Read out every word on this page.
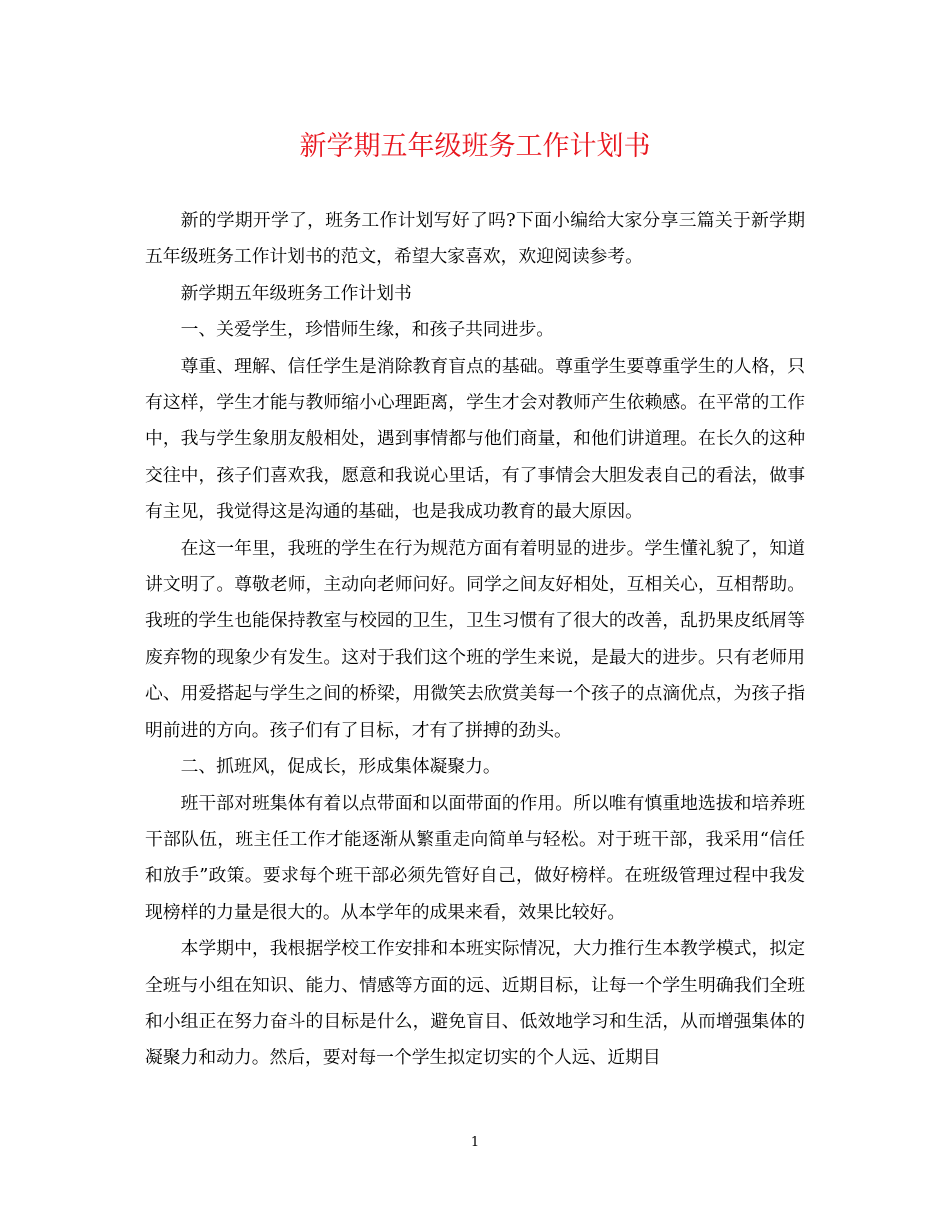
新学期五年级班务工作计划书

新的学期开学了，班务工作计划写好了吗?下面小编给大家分享三篇关于新学期五年级班务工作计划书的范文，希望大家喜欢，欢迎阅读参考。

新学期五年级班务工作计划书

一、关爱学生，珍惜师生缘，和孩子共同进步。

尊重、理解、信任学生是消除教育盲点的基础。尊重学生要尊重学生的人格，只有这样，学生才能与教师缩小心理距离，学生才会对教师产生依赖感。在平常的工作中，我与学生象朋友般相处，遇到事情都与他们商量，和他们讲道理。在长久的这种交往中，孩子们喜欢我，愿意和我说心里话，有了事情会大胆发表自己的看法，做事有主见，我觉得这是沟通的基础，也是我成功教育的最大原因。

在这一年里，我班的学生在行为规范方面有着明显的进步。学生懂礼貌了，知道讲文明了。尊敬老师，主动向老师问好。同学之间友好相处，互相关心，互相帮助。我班的学生也能保持教室与校园的卫生，卫生习惯有了很大的改善，乱扔果皮纸屑等废弃物的现象少有发生。这对于我们这个班的学生来说，是最大的进步。只有老师用心、用爱搭起与学生之间的桥梁，用微笑去欣赏美每一个孩子的点滴优点，为孩子指明前进的方向。孩子们有了目标，才有了拼搏的劲头。

二、抓班风，促成长，形成集体凝聚力。

班干部对班集体有着以点带面和以面带面的作用。所以唯有慎重地选拔和培养班干部队伍，班主任工作才能逐渐从繁重走向简单与轻松。对于班干部，我采用“信任和放手”政策。要求每个班干部必须先管好自己，做好榜样。在班级管理过程中我发现榜样的力量是很大的。从本学年的成果来看，效果比较好。

本学期中，我根据学校工作安排和本班实际情况，大力推行生本教学模式，拟定全班与小组在知识、能力、情感等方面的远、近期目标，让每一个学生明确我们全班和小组正在努力奋斗的目标是什么，避免盲目、低效地学习和生活，从而增强集体的凝聚力和动力。然后，要对每一个学生拟定切实的个人远、近期目

1
